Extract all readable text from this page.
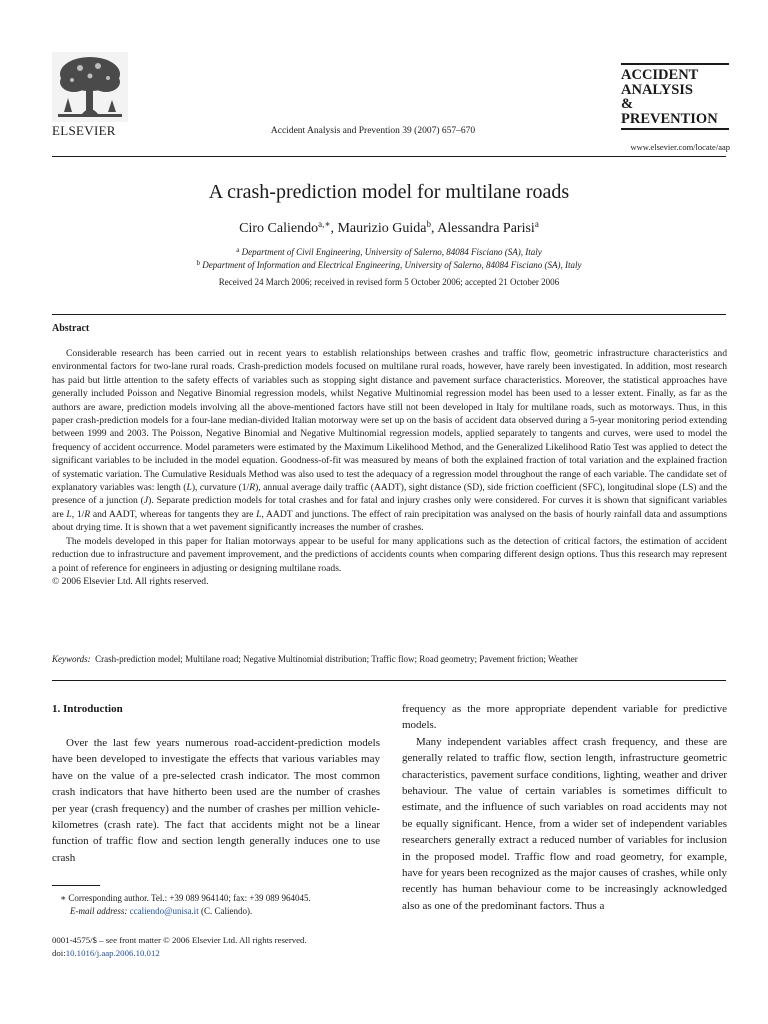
ELSEVIER	Accident Analysis and Prevention 39 (2007) 657–670
ACCIDENT
ANALYSIS
&
PREVENTION
www.elsevier.com/locate/aap
A crash-prediction model for multilane roads
Ciro Caliendo$^{a,∗}$, Maurizio Guida$^b$, Alessandra Parisi$^a$
$^a$ Department of Civil Engineering, University of Salerno, 84084 Fisciano (SA), Italy
$^b$ Department of Information and Electrical Engineering, University of Salerno, 84084 Fisciano (SA), Italy
Received 24 March 2006; received in revised form 5 October 2006; accepted 21 October 2006
Abstract

Considerable research has been carried out in recent years to establish relationships between crashes and traffic flow, geometric infrastructure characteristics and environmental factors for two-lane rural roads. Crash-prediction models focused on multilane rural roads, however, have rarely been investigated. In addition, most research has paid but little attention to the safety effects of variables such as stopping sight distance and pavement surface characteristics. Moreover, the statistical approaches have generally included Poisson and Negative Binomial regression models, whilst Negative Multinomial regression model has been used to a lesser extent. Finally, as far as the authors are aware, prediction models involving all the above-mentioned factors have still not been developed in Italy for multilane roads, such as motorways. Thus, in this paper crash-prediction models for a four-lane median-divided Italian motorway were set up on the basis of accident data observed during a 5-year monitoring period extending between 1999 and 2003. The Poisson, Negative Binomial and Negative Multinomial regression models, applied separately to tangents and curves, were used to model the frequency of accident occurrence. Model parameters were estimated by the Maximum Likelihood Method, and the Generalized Likelihood Ratio Test was applied to detect the significant variables to be included in the model equation. Goodness-of-fit was measured by means of both the explained fraction of total variation and the explained fraction of systematic variation. The Cumulative Residuals Method was also used to test the adequacy of a regression model throughout the range of each variable. The candidate set of explanatory variables was: length (L), curvature (1/R), annual average daily traffic (AADT), sight distance (SD), side friction coefficient (SFC), longitudinal slope (LS) and the presence of a junction (J). Separate prediction models for total crashes and for fatal and injury crashes only were considered. For curves it is shown that significant variables are L, 1/R and AADT, whereas for tangents they are L, AADT and junctions. The effect of rain precipitation was analysed on the basis of hourly rainfall data and assumptions about drying time. It is shown that a wet pavement significantly increases the number of crashes.

The models developed in this paper for Italian motorways appear to be useful for many applications such as the detection of critical factors, the estimation of accident reduction due to infrastructure and pavement improvement, and the predictions of accidents counts when comparing different design options. Thus this research may represent a point of reference for engineers in adjusting or designing multilane roads.

© 2006 Elsevier Ltd. All rights reserved.

Keywords: Crash-prediction model; Multilane road; Negative Multinomial distribution; Traffic flow; Road geometry; Pavement friction; Weather
1. Introduction

Over the last few years numerous road-accident-prediction models have been developed to investigate the effects that various variables may have on the value of a pre-selected crash indicator. The most common crash indicators that have hitherto been used are the number of crashes per year (crash frequency) and the number of crashes per million vehicle-kilometres (crash rate). The fact that accidents might not be a linear function of traffic flow and section length generally induces one to use crash

frequency as the more appropriate dependent variable for predictive models.

Many independent variables affect crash frequency, and these are generally related to traffic flow, section length, infrastructure geometric characteristics, pavement surface conditions, lighting, weather and driver behaviour. The value of certain variables is sometimes difficult to estimate, and the influence of such variables on road accidents may not be equally significant. Hence, from a wider set of independent variables researchers generally extract a reduced number of variables for inclusion in the proposed model. Traffic flow and road geometry, for example, have for years been recognized as the major causes of crashes, while only recently has human behaviour come to be increasingly acknowledged also as one of the predominant factors. Thus a

∗ Corresponding author. Tel.: +39 089 964140; fax: +39 089 964045.
E-mail address: ccaliendo@unisa.it (C. Caliendo).
0001-4575/$ – see front matter © 2006 Elsevier Ltd. All rights reserved.
doi:10.1016/j.aap.2006.10.012
